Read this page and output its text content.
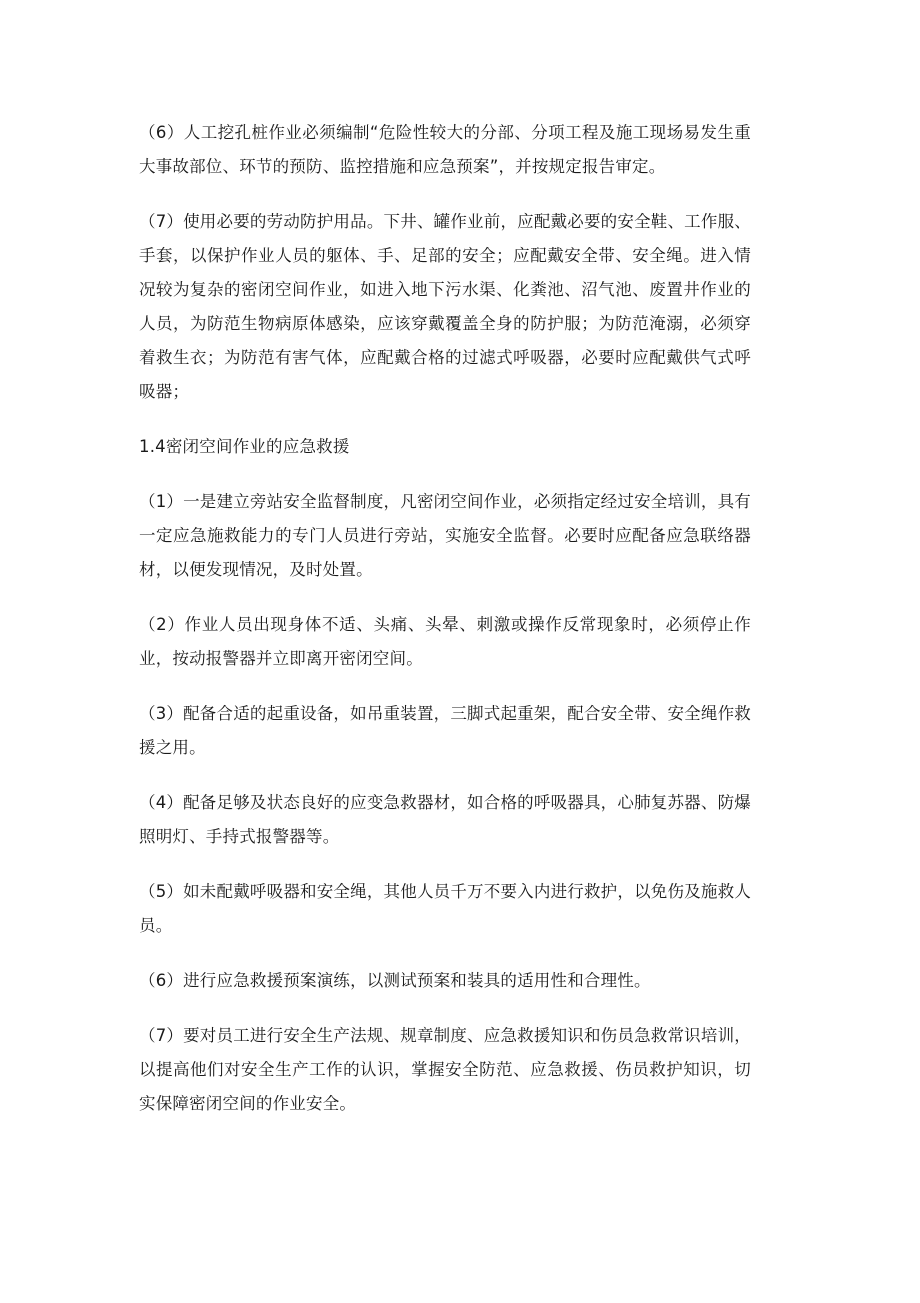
（6）人工挖孔桩作业必须编制“危险性较大的分部、分项工程及施工现场易发生重大事故部位、环节的预防、监控措施和应急预案”，并按规定报告审定。

（7）使用必要的劳动防护用品。下井、罐作业前，应配戴必要的安全鞋、工作服、手套，以保护作业人员的躯体、手、足部的安全；应配戴安全带、安全绳。进入情况较为复杂的密闭空间作业，如进入地下污水渠、化粪池、沼气池、废置井作业的人员，为防范生物病原体感染，应该穿戴覆盖全身的防护服；为防范淹溺，必须穿着救生衣；为防范有害气体，应配戴合格的过滤式呼吸器，必要时应配戴供气式呼吸器；

1.4密闭空间作业的应急救援

（1）一是建立旁站安全监督制度，凡密闭空间作业，必须指定经过安全培训，具有一定应急施救能力的专门人员进行旁站，实施安全监督。必要时应配备应急联络器材，以便发现情况，及时处置。

（2）作业人员出现身体不适、头痛、头晕、刺激或操作反常现象时，必须停止作业，按动报警器并立即离开密闭空间。

（3）配备合适的起重设备，如吊重装置，三脚式起重架，配合安全带、安全绳作救援之用。

（4）配备足够及状态良好的应变急救器材，如合格的呼吸器具，心肺复苏器、防爆照明灯、手持式报警器等。

（5）如未配戴呼吸器和安全绳，其他人员千万不要入内进行救护，以免伤及施救人员。

（6）进行应急救援预案演练，以测试预案和装具的适用性和合理性。

（7）要对员工进行安全生产法规、规章制度、应急救援知识和伤员急救常识培训，以提高他们对安全生产工作的认识，掌握安全防范、应急救援、伤员救护知识，切实保障密闭空间的作业安全。
